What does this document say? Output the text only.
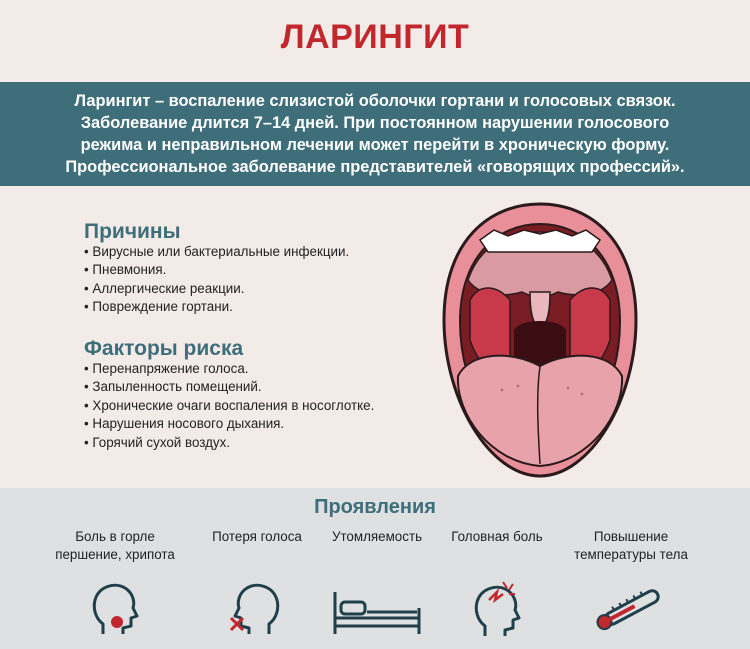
ЛАРИНГИТ
Ларингит – воспаление слизистой оболочки гортани и голосовых связок.
Заболевание длится 7–14 дней. При постоянном нарушении голосового
режима и неправильном лечении может перейти в хроническую форму.
Профессиональное заболевание представителей «говорящих профессий».
Причины
• Вирусные или бактериальные инфекции.
• Пневмония.
• Аллергические реакции.
• Повреждение гортани.
Факторы риска
• Перенапряжение голоса.
• Запыленность помещений.
• Хронические очаги воспаления в носоглотке.
• Нарушения носового дыхания.
• Горячий сухой воздух.
Проявления
Боль в горле
першение, хрипота
Потеря голоса	Утомляемость	Головная боль	Повышение
температуры тела
